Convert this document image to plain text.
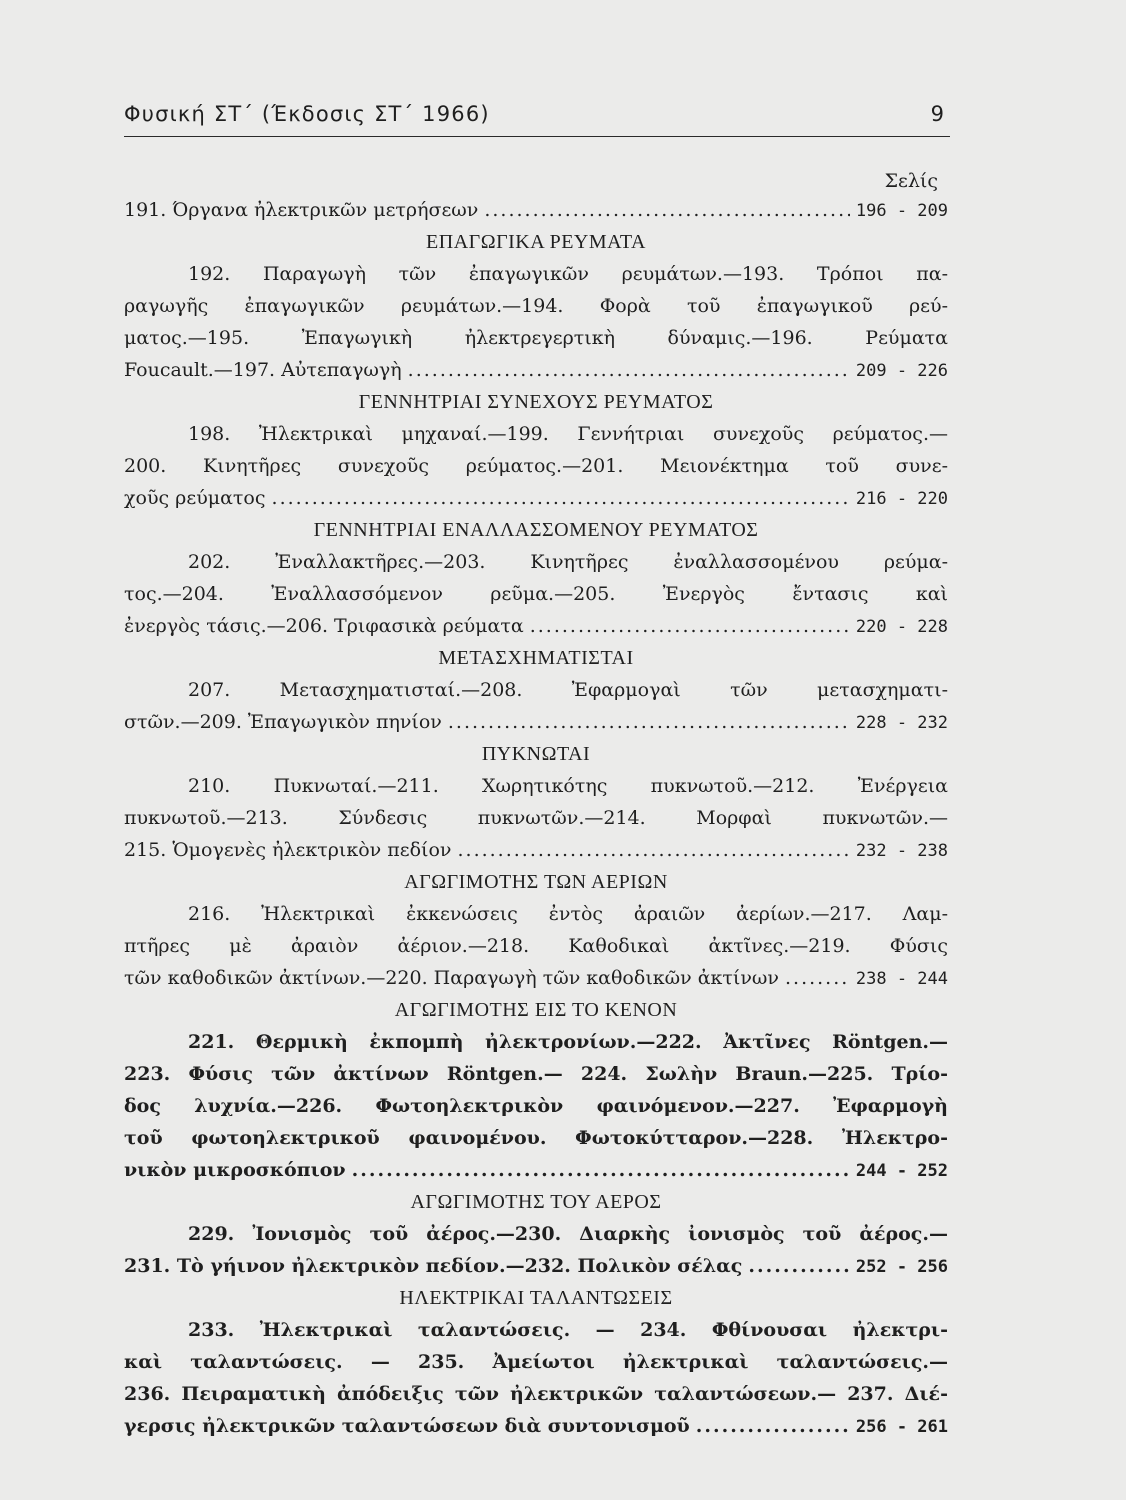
Φυσική ΣΤ΄ (Έκδοσις ΣΤ΄ 1966)	9
Σελίς
191. Όργανα ἠλεκτρικῶν μετρήσεων .....	196 - 209
ΕΠΑΓΩΓΙΚΑ ΡΕΥΜΑΤΑ
192. Παραγωγὴ τῶν ἐπαγωγικῶν ρευμάτων.—193. Τρόποι πα-
ραγωγῆς ἐπαγωγικῶν ρευμάτων.—194. Φορὰ τοῦ ἐπαγωγικοῦ ρεύ-
ματος.—195. Ἐπαγωγικὴ ἠλεκτρεγερτικὴ δύναμις.—196. Ρεύματα
Foucault.—197. Αὐτεπαγωγὴ .....	209 - 226
ΓΕΝΝΗΤΡΙΑΙ ΣΥΝΕΧΟΥΣ ΡΕΥΜΑΤΟΣ
198. Ἠλεκτρικαὶ μηχαναί.—199. Γεννήτριαι συνεχοῦς ρεύματος.—
200. Κινητῆρες συνεχοῦς ρεύματος.—201. Μειονέκτημα τοῦ συνε-
χοῦς ρεύματος .....	216 - 220
ΓΕΝΝΗΤΡΙΑΙ ΕΝΑΛΛΑΣΣΟΜΕΝΟΥ ΡΕΥΜΑΤΟΣ
202. Ἐναλλακτῆρες.—203. Κινητῆρες ἐναλλασσομένου ρεύμα-
τος.—204. Ἐναλλασσόμενον ρεῦμα.—205. Ἐνεργὸς ἔντασις καὶ
ἐνεργὸς τάσις.—206. Τριφασικὰ ρεύματα .....	220 - 228
ΜΕΤΑΣΧΗΜΑΤΙΣΤΑΙ
207. Μετασχηματισταί.—208. Ἐφαρμογαὶ τῶν μετασχηματι-
στῶν.—209. Ἐπαγωγικὸν πηνίον .....	228 - 232
ΠΥΚΝΩΤΑΙ
210. Πυκνωταί.—211. Χωρητικότης πυκνωτοῦ.—212. Ἐνέργεια
πυκνωτοῦ.—213. Σύνδεσις πυκνωτῶν.—214. Μορφαὶ πυκνωτῶν.—
215. Ὁμογενὲς ἠλεκτρικὸν πεδίον .....	232 - 238
ΑΓΩΓΙΜΟΤΗΣ ΤΩΝ ΑΕΡΙΩΝ
216. Ἠλεκτρικαὶ ἐκκενώσεις ἐντὸς ἀραιῶν ἀερίων.—217. Λαμ-
πτῆρες μὲ ἀραιὸν ἀέριον.—218. Καθοδικαὶ ἀκτῖνες.—219. Φύσις
τῶν καθοδικῶν ἀκτίνων.—220. Παραγωγὴ τῶν καθοδικῶν ἀκτίνων .....	238 - 244
ΑΓΩΓΙΜΟΤΗΣ ΕΙΣ ΤΟ ΚΕΝΟΝ
221. Θερμικὴ ἐκπομπὴ ἠλεκτρονίων.—222. Ἀκτῖνες Röntgen.—
223. Φύσις τῶν ἀκτίνων Röntgen.— 224. Σωλὴν Braun.—225. Τρίο-
δος λυχνία.—226. Φωτοηλεκτρικὸν φαινόμενον.—227. Ἐφαρμογὴ
τοῦ φωτοηλεκτρικοῦ φαινομένου. Φωτοκύτταρον.—228. Ἠλεκτρο-
νικὸν μικροσκόπιον .....	244 - 252
ΑΓΩΓΙΜΟΤΗΣ ΤΟΥ ΑΕΡΟΣ
229. Ἰονισμὸς τοῦ ἀέρος.—230. Διαρκὴς ἰονισμὸς τοῦ ἀέρος.—
231. Τὸ γήινον ἠλεκτρικὸν πεδίον.—232. Πολικὸν σέλας .....	252 - 256
ΗΛΕΚΤΡΙΚΑΙ ΤΑΛΑΝΤΩΣΕΙΣ
233. Ἠλεκτρικαὶ ταλαντώσεις. — 234. Φθίνουσαι ἠλεκτρι-
καὶ ταλαντώσεις. — 235. Ἀμείωτοι ἠλεκτρικαὶ ταλαντώσεις.—
236. Πειραματικὴ ἀπόδειξις τῶν ἠλεκτρικῶν ταλαντώσεων.— 237. Διέ-
γερσις ἠλεκτρικῶν ταλαντώσεων διὰ συντονισμοῦ .....	256 - 261
